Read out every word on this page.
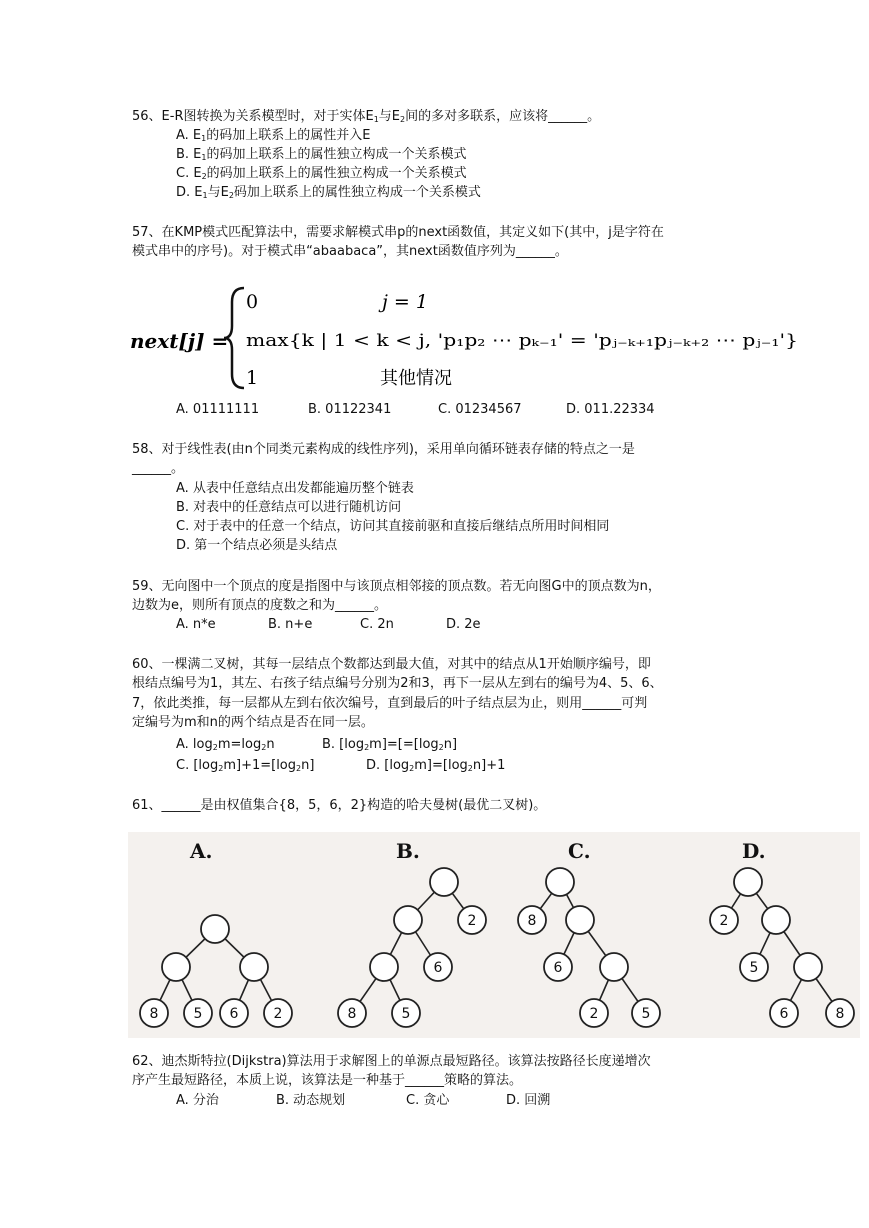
56、E-R图转换为关系模型时，对于实体$E_1$与$E_2$间的多对多联系，应该将______。

A. $E_1$的码加上联系上的属性并入E

B. $E_1$的码加上联系上的属性独立构成一个关系模式

C. $E_2$的码加上联系上的属性独立构成一个关系模式

D. $E_1$与$E_2$码加上联系上的属性独立构成一个关系模式

57、在KMP模式匹配算法中，需要求解模式串p的next函数值，其定义如下(其中，j是字符在

模式串中的序号)。对于模式串“abaabaca”，其next函数值序列为______。

next[j] =
0	j = 1
max{k | 1 < k < j, 'p₁p₂ ⋯ pₖ₋₁' = 'pⱼ₋ₖ₊₁pⱼ₋ₖ₊₂ ⋯ pⱼ₋₁'}
1	其他情况
A. 01111111	B. 01122341	C. 01234567	D. 011.22334

58、对于线性表(由n个同类元素构成的线性序列)，采用单向循环链表存储的特点之一是

______。

A. 从表中任意结点出发都能遍历整个链表

B. 对表中的任意结点可以进行随机访问

C. 对于表中的任意一个结点，访问其直接前驱和直接后继结点所用时间相同

D. 第一个结点必须是头结点

59、无向图中一个顶点的度是指图中与该顶点相邻接的顶点数。若无向图G中的顶点数为n，

边数为e，则所有顶点的度数之和为______。

A. n*e	B. n+e	C. 2n	D. 2e

60、一棵满二叉树，其每一层结点个数都达到最大值，对其中的结点从1开始顺序编号，即

根结点编号为1，其左、右孩子结点编号分别为2和3，再下一层从左到右的编号为4、5、6、

7，依此类推，每一层都从左到右依次编号，直到最后的叶子结点层为止，则用______可判

定编号为m和n的两个结点是否在同一层。

A. $\log_2m=\log_2n$	B. $[\log_2m]=[=[\log_2n]$
C. $[\log_2m]+1=[\log_2n]$	D. $[\log_2m]=[\log_2n]+1$

61、______是由权值集合{8，5，6，2}构造的哈夫曼树(最优二叉树)。

8	5 6	2
2
6
8	5
8
6
2	5
2
5
6	8
A.	B.	C.	D.

62、迪杰斯特拉(Dijkstra)算法用于求解图上的单源点最短路径。该算法按路径长度递增次

序产生最短路径，本质上说，该算法是一种基于______策略的算法。

A. 分治	B. 动态规划	C. 贪心	D. 回溯
